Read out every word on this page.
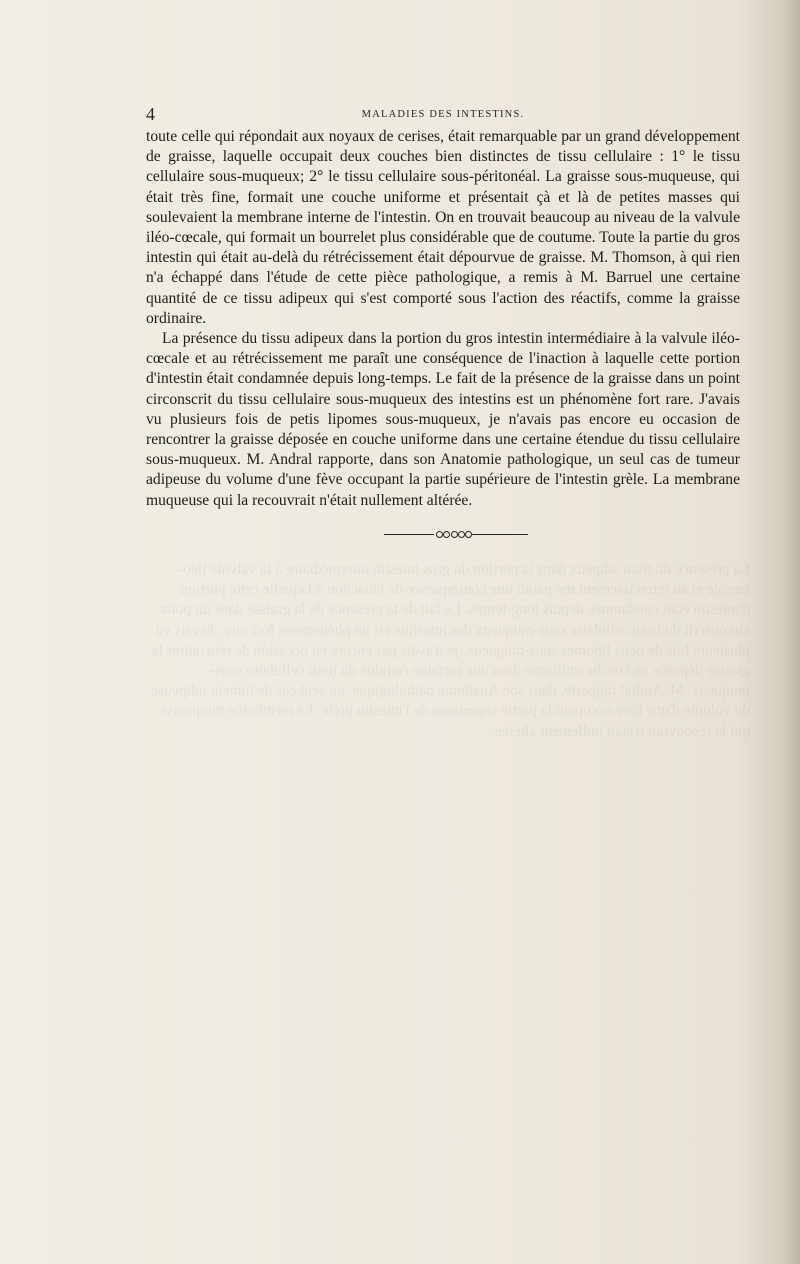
4	MALADIES DES INTESTINS.

toute celle qui répondait aux noyaux de cerises, était remarquable par un grand développement de graisse, laquelle occupait deux couches bien distinctes de tissu cellulaire : 1° le tissu cellulaire sous-muqueux; 2° le tissu cellulaire sous-péritonéal. La graisse sous-muqueuse, qui était très fine, formait une couche uniforme et présentait çà et là de petites masses qui soulevaient la membrane interne de l'intestin. On en trouvait beaucoup au niveau de la valvule iléo-cœcale, qui formait un bourrelet plus considérable que de coutume. Toute la partie du gros intestin qui était au-delà du rétrécissement était dépourvue de graisse. M. Thomson, à qui rien n'a échappé dans l'étude de cette pièce pathologique, a remis à M. Barruel une certaine quantité de ce tissu adipeux qui s'est comporté sous l'action des réactifs, comme la graisse ordinaire.

La présence du tissu adipeux dans la portion du gros intestin intermédiaire à la valvule iléo-cœcale et au rétrécissement me paraît une conséquence de l'inaction à laquelle cette portion d'intestin était condamnée depuis long-temps. Le fait de la présence de la graisse dans un point circonscrit du tissu cellulaire sous-muqueux des intestins est un phénomène fort rare. J'avais vu plusieurs fois de petis lipomes sous-muqueux, je n'avais pas encore eu occasion de rencontrer la graisse déposée en couche uniforme dans une certaine étendue du tissu cellulaire sous-muqueux. M. Andral rapporte, dans son Anatomie pathologique, un seul cas de tumeur adipeuse du volume d'une fève occupant la partie supérieure de l'intestin grèle. La membrane muqueuse qui la recouvrait n'était nullement altérée.

La présence du tissu adipeux dans la portion du gros intestin intermédiaire à la valvule iléo-cœcale et au rétrécissement me paraît une conséquence de l'inaction à laquelle cette portion d'intestin était condamnée depuis long-temps. Le fait de la présence de la graisse dans un point circonscrit du tissu cellulaire sous-muqueux des intestins est un phénomène fort rare. J'avais vu plusieurs fois de petis lipomes sous-muqueux, je n'avais pas encore eu occasion de rencontrer la graisse déposée en couche uniforme dans une certaine étendue du tissu cellulaire sous-muqueux. M. Andral rapporte, dans son Anatomie pathologique, un seul cas de tumeur adipeuse du volume d'une fève occupant la partie supérieure de l'intestin grèle. La membrane muqueuse qui la recouvrait n'était nullement altérée.
